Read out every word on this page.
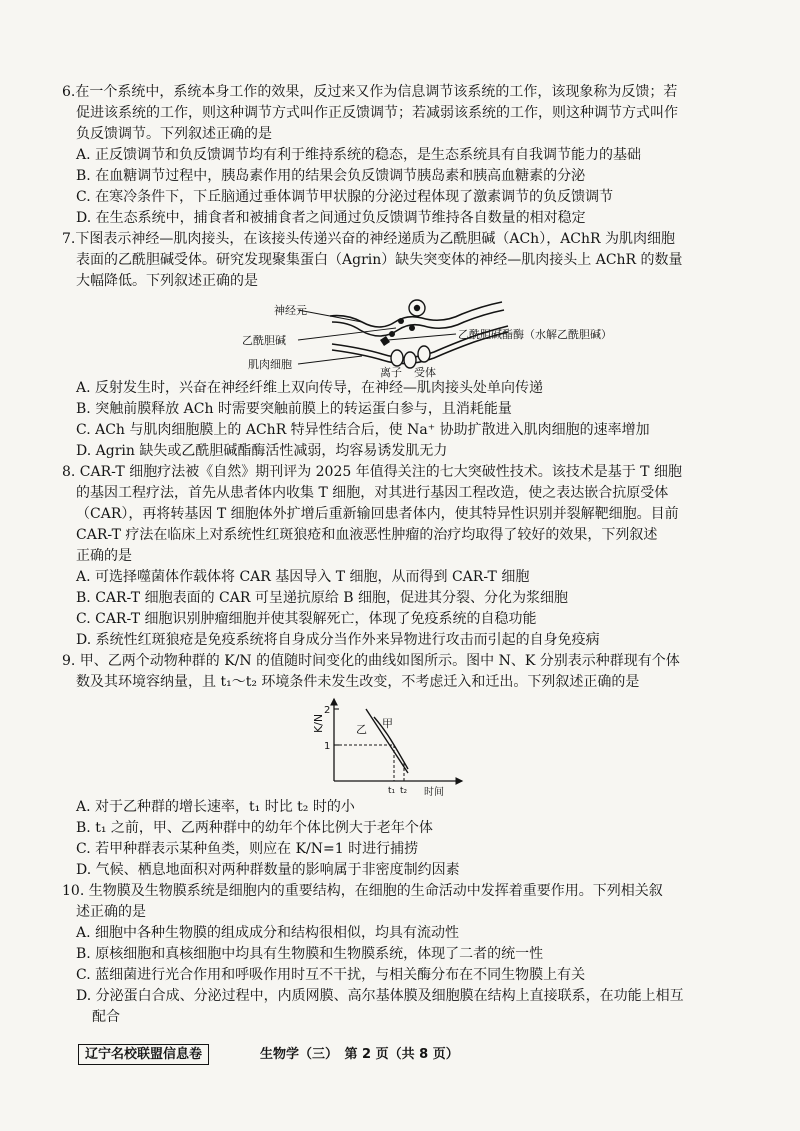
6.在一个系统中，系统本身工作的效果，反过来又作为信息调节该系统的工作，该现象称为反馈；若

促进该系统的工作，则这种调节方式叫作正反馈调节；若减弱该系统的工作，则这种调节方式叫作

负反馈调节。下列叙述正确的是

A. 正反馈调节和负反馈调节均有利于维持系统的稳态，是生态系统具有自我调节能力的基础

B. 在血糖调节过程中，胰岛素作用的结果会负反馈调节胰岛素和胰高血糖素的分泌

C. 在寒冷条件下，下丘脑通过垂体调节甲状腺的分泌过程体现了激素调节的负反馈调节

D. 在生态系统中，捕食者和被捕食者之间通过负反馈调节维持各自数量的相对稳定

7.下图表示神经—肌肉接头，在该接头传递兴奋的神经递质为乙酰胆碱（ACh），AChR 为肌肉细胞

表面的乙酰胆碱受体。研究发现聚集蛋白（Agrin）缺失突变体的神经—肌肉接头上 AChR 的数量

大幅降低。下列叙述正确的是

神经元
乙酰胆碱	乙酰胆碱酯酶（水解乙酰胆碱）
肌肉细胞
离子 受体

A. 反射发生时，兴奋在神经纤维上双向传导，在神经—肌肉接头处单向传递

B. 突触前膜释放 ACh 时需要突触前膜上的转运蛋白参与，且消耗能量

C. ACh 与肌肉细胞膜上的 AChR 特异性结合后，使 Na⁺ 协助扩散进入肌肉细胞的速率增加

D. Agrin 缺失或乙酰胆碱酯酶活性减弱，均容易诱发肌无力

8. CAR-T 细胞疗法被《自然》期刊评为 2025 年值得关注的七大突破性技术。该技术是基于 T 细胞

的基因工程疗法，首先从患者体内收集 T 细胞，对其进行基因工程改造，使之表达嵌合抗原受体

（CAR），再将转基因 T 细胞体外扩增后重新输回患者体内，使其特异性识别并裂解靶细胞。目前

CAR-T 疗法在临床上对系统性红斑狼疮和血液恶性肿瘤的治疗均取得了较好的效果，下列叙述

正确的是

A. 可选择噬菌体作载体将 CAR 基因导入 T 细胞，从而得到 CAR-T 细胞

B. CAR-T 细胞表面的 CAR 可呈递抗原给 B 细胞，促进其分裂、分化为浆细胞

C. CAR-T 细胞识别肿瘤细胞并使其裂解死亡，体现了免疫系统的自稳功能

D. 系统性红斑狼疮是免疫系统将自身成分当作外来异物进行攻击而引起的自身免疫病

9. 甲、乙两个动物种群的 K/N 的值随时间变化的曲线如图所示。图中 N、K 分别表示种群现有个体

数及其环境容纳量，且 t₁～t₂ 环境条件未发生改变，不考虑迁入和迁出。下列叙述正确的是

K/N
2
1
t₁ t₂ 时间
甲
乙

A. 对于乙种群的增长速率，t₁ 时比 t₂ 时的小

B. t₁ 之前，甲、乙两种群中的幼年个体比例大于老年个体

C. 若甲种群表示某种鱼类，则应在 K/N=1 时进行捕捞

D. 气候、栖息地面积对两种群数量的影响属于非密度制约因素

10. 生物膜及生物膜系统是细胞内的重要结构，在细胞的生命活动中发挥着重要作用。下列相关叙

述正确的是

A. 细胞中各种生物膜的组成成分和结构很相似，均具有流动性

B. 原核细胞和真核细胞中均具有生物膜和生物膜系统，体现了二者的统一性

C. 蓝细菌进行光合作用和呼吸作用时互不干扰，与相关酶分布在不同生物膜上有关

D. 分泌蛋白合成、分泌过程中，内质网膜、高尔基体膜及细胞膜在结构上直接联系，在功能上相互

配合

辽宁名校联盟信息卷	生物学（三）　第 2 页（共 8 页）
